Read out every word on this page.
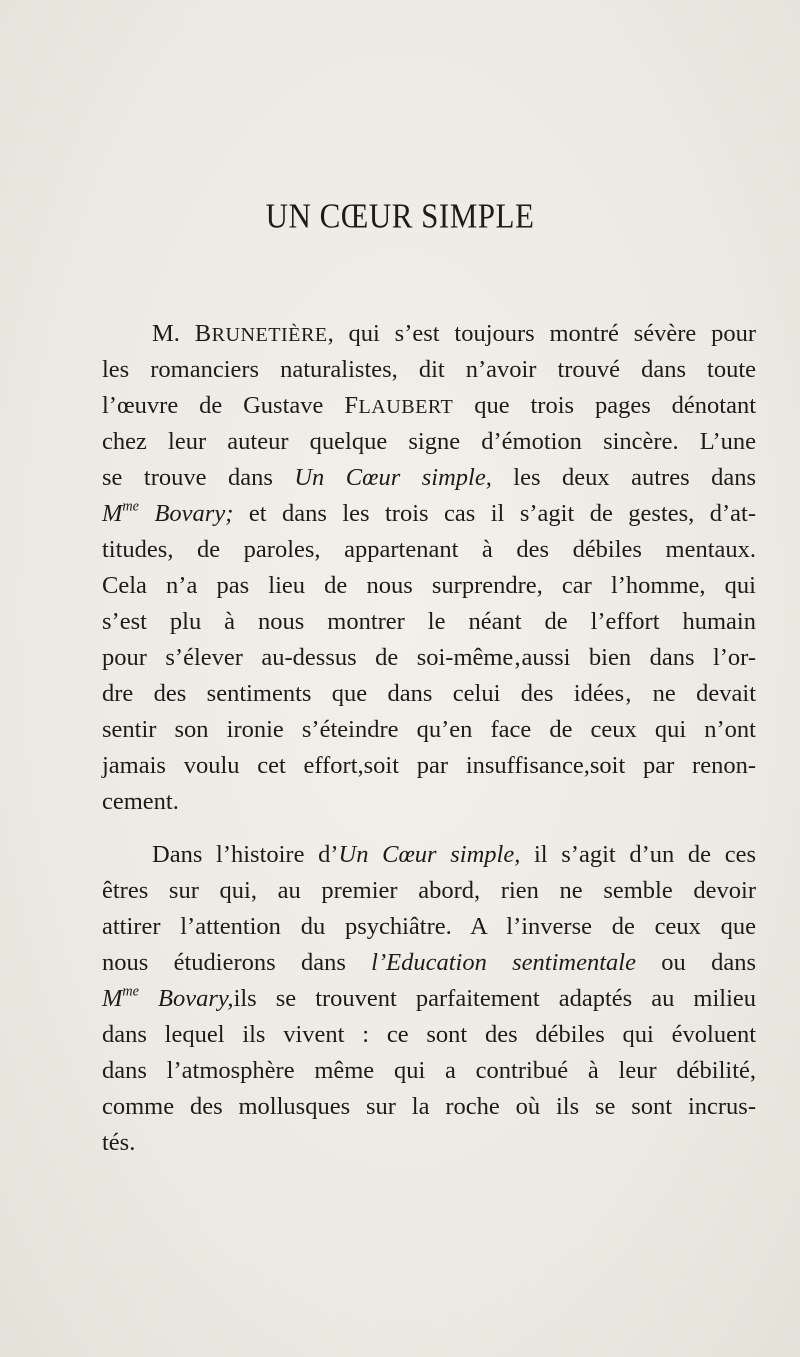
UN CŒUR SIMPLE
M. BRUNETIÈRE, qui s’est toujours montré sévère pour
les romanciers naturalistes, dit n’avoir trouvé dans toute
l’œuvre de Gustave FLAUBERT que trois pages dénotant
chez leur auteur quelque signe d’émotion sincère. L’une
se trouve dans Un Cœur simple, les deux autres dans
$M^{me}$ Bovary; et dans les trois cas il s’agit de gestes, d’at-
titudes, de paroles, appartenant à des débiles mentaux.
Cela n’a pas lieu de nous surprendre, car l’homme, qui
s’est plu à nous montrer le néant de l’effort humain
pour s’élever au-dessus de soi-même‚aussi bien dans l’or-
dre des sentiments que dans celui des idées‚ ne devait
sentir son ironie s’éteindre qu’en face de ceux qui n’ont
jamais voulu cet effort,soit par insuffisance,soit par renon-
cement.
Dans l’histoire d’Un Cœur simple, il s’agit d’un de ces
êtres sur qui, au premier abord, rien ne semble devoir
attirer l’attention du psychiâtre. A l’inverse de ceux que
nous étudierons dans l’Education sentimentale ou dans
$M^{me}$ Bovary,ils se trouvent parfaitement adaptés au milieu
dans lequel ils vivent : ce sont des débiles qui évoluent
dans l’atmosphère même qui a contribué à leur débilité,
comme des mollusques sur la roche où ils se sont incrus-
tés.
